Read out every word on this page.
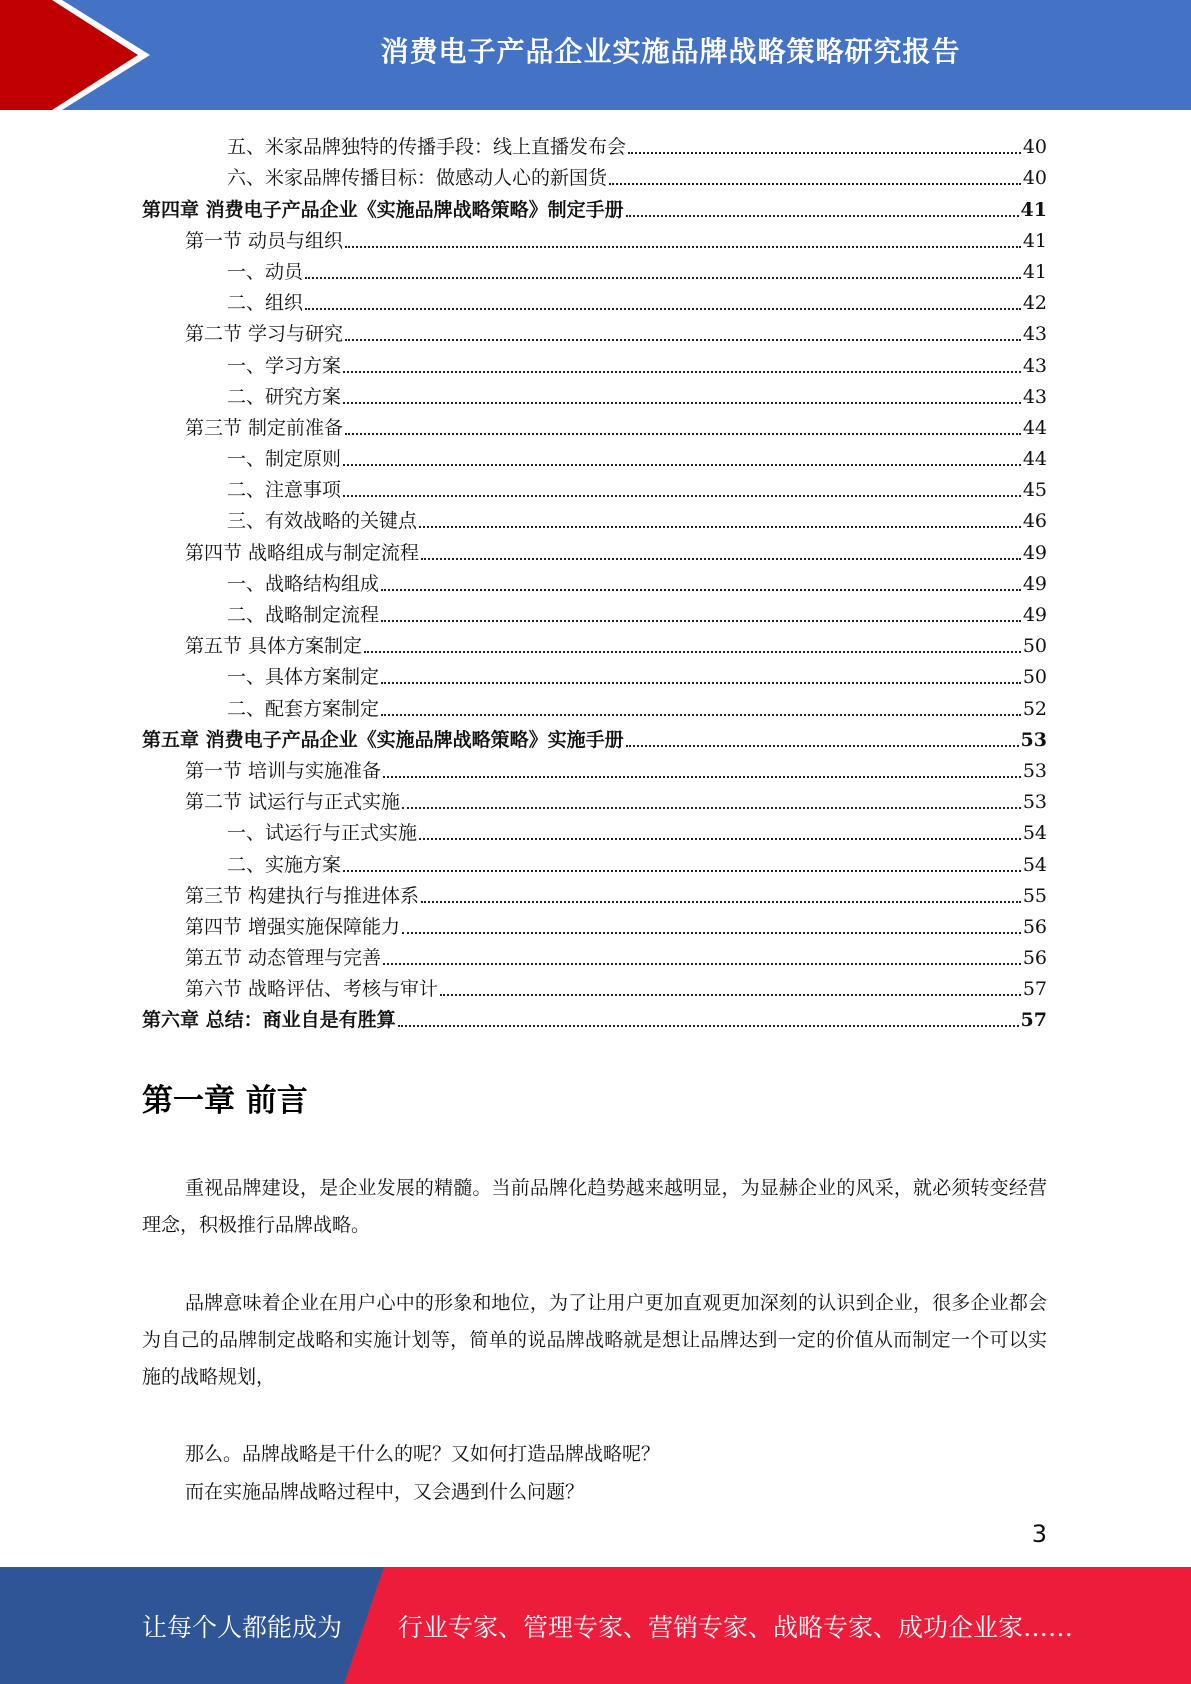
消费电子产品企业实施品牌战略策略研究报告
五、米家品牌独特的传播手段：线上直播发布会	40
六、米家品牌传播目标：做感动人心的新国货	40
第四章 消费电子产品企业《实施品牌战略策略》制定手册	41
第一节 动员与组织	41
一、动员	41
二、组织	42
第二节 学习与研究	43
一、学习方案	43
二、研究方案	43
第三节 制定前准备	44
一、制定原则	44
二、注意事项	45
三、有效战略的关键点	46
第四节 战略组成与制定流程	49
一、战略结构组成	49
二、战略制定流程	49
第五节 具体方案制定	50
一、具体方案制定	50
二、配套方案制定	52
第五章 消费电子产品企业《实施品牌战略策略》实施手册	53
第一节 培训与实施准备	53
第二节 试运行与正式实施	53
一、试运行与正式实施	54
二、实施方案	54
第三节 构建执行与推进体系	55
第四节 增强实施保障能力	56
第五节 动态管理与完善	56
第六节 战略评估、考核与审计	57
第六章 总结：商业自是有胜算	57
第一章 前言

重视品牌建设，是企业发展的精髓。当前品牌化趋势越来越明显，为显赫企业的风采，就必须转变经营理念，积极推行品牌战略。

品牌意味着企业在用户心中的形象和地位，为了让用户更加直观更加深刻的认识到企业，很多企业都会为自己的品牌制定战略和实施计划等，简单的说品牌战略就是想让品牌达到一定的价值从而制定一个可以实施的战略规划，

那么。品牌战略是干什么的呢？又如何打造品牌战略呢？

而在实施品牌战略过程中，又会遇到什么问题？

3
让每个人都能成为 行业专家、管理专家、营销专家、战略专家、成功企业家……
